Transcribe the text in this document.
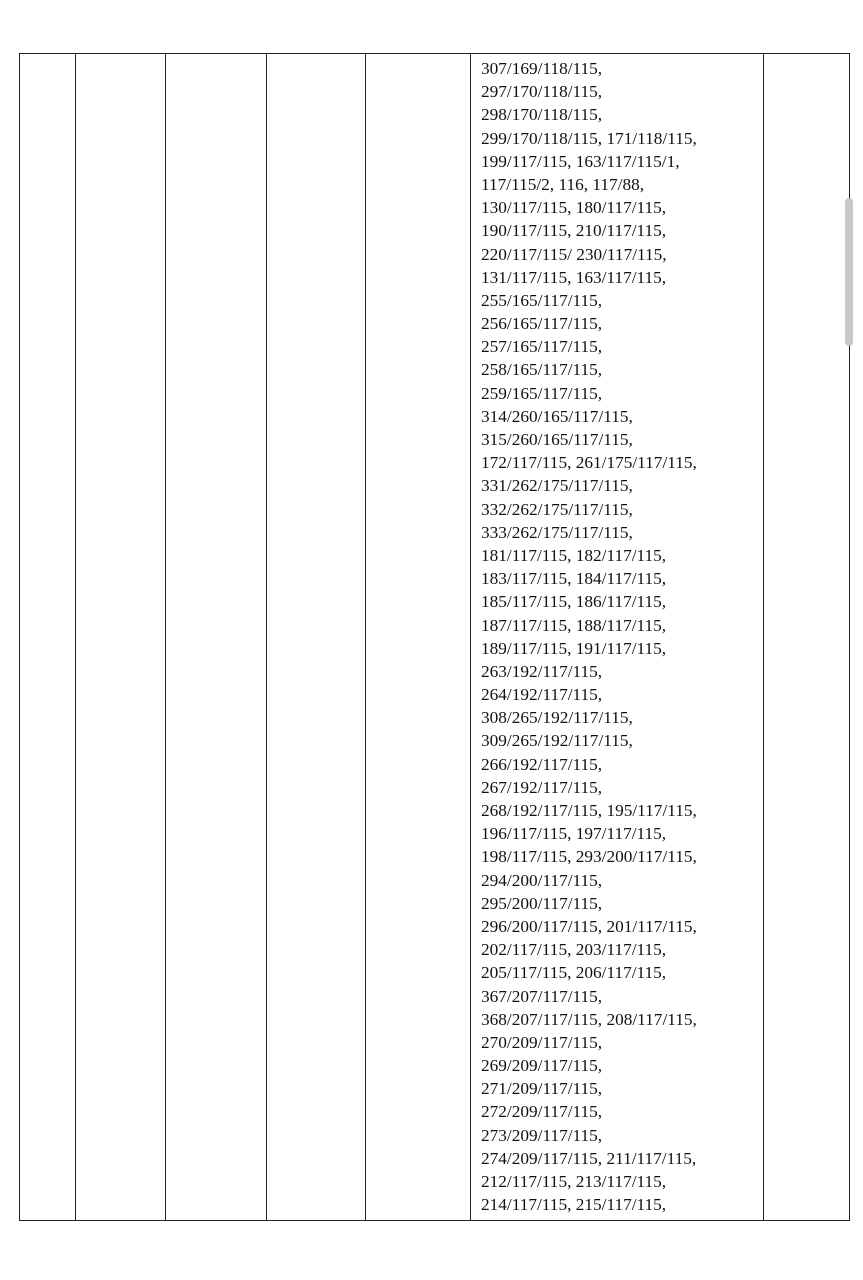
307/169/118/115,
297/170/118/115,
298/170/118/115,
299/170/118/115, 171/118/115,
199/117/115, 163/117/115/1,
117/115/2, 116, 117/88,
130/117/115, 180/117/115,
190/117/115, 210/117/115,
220/117/115/ 230/117/115,
131/117/115, 163/117/115,
255/165/117/115,
256/165/117/115,
257/165/117/115,
258/165/117/115,
259/165/117/115,
314/260/165/117/115,
315/260/165/117/115,
172/117/115, 261/175/117/115,
331/262/175/117/115,
332/262/175/117/115,
333/262/175/117/115,
181/117/115, 182/117/115,
183/117/115, 184/117/115,
185/117/115, 186/117/115,
187/117/115, 188/117/115,
189/117/115, 191/117/115,
263/192/117/115,
264/192/117/115,
308/265/192/117/115,
309/265/192/117/115,
266/192/117/115,
267/192/117/115,
268/192/117/115, 195/117/115,
196/117/115, 197/117/115,
198/117/115, 293/200/117/115,
294/200/117/115,
295/200/117/115,
296/200/117/115, 201/117/115,
202/117/115, 203/117/115,
205/117/115, 206/117/115,
367/207/117/115,
368/207/117/115, 208/117/115,
270/209/117/115,
269/209/117/115,
271/209/117/115,
272/209/117/115,
273/209/117/115,
274/209/117/115, 211/117/115,
212/117/115, 213/117/115,
214/117/115, 215/117/115,
